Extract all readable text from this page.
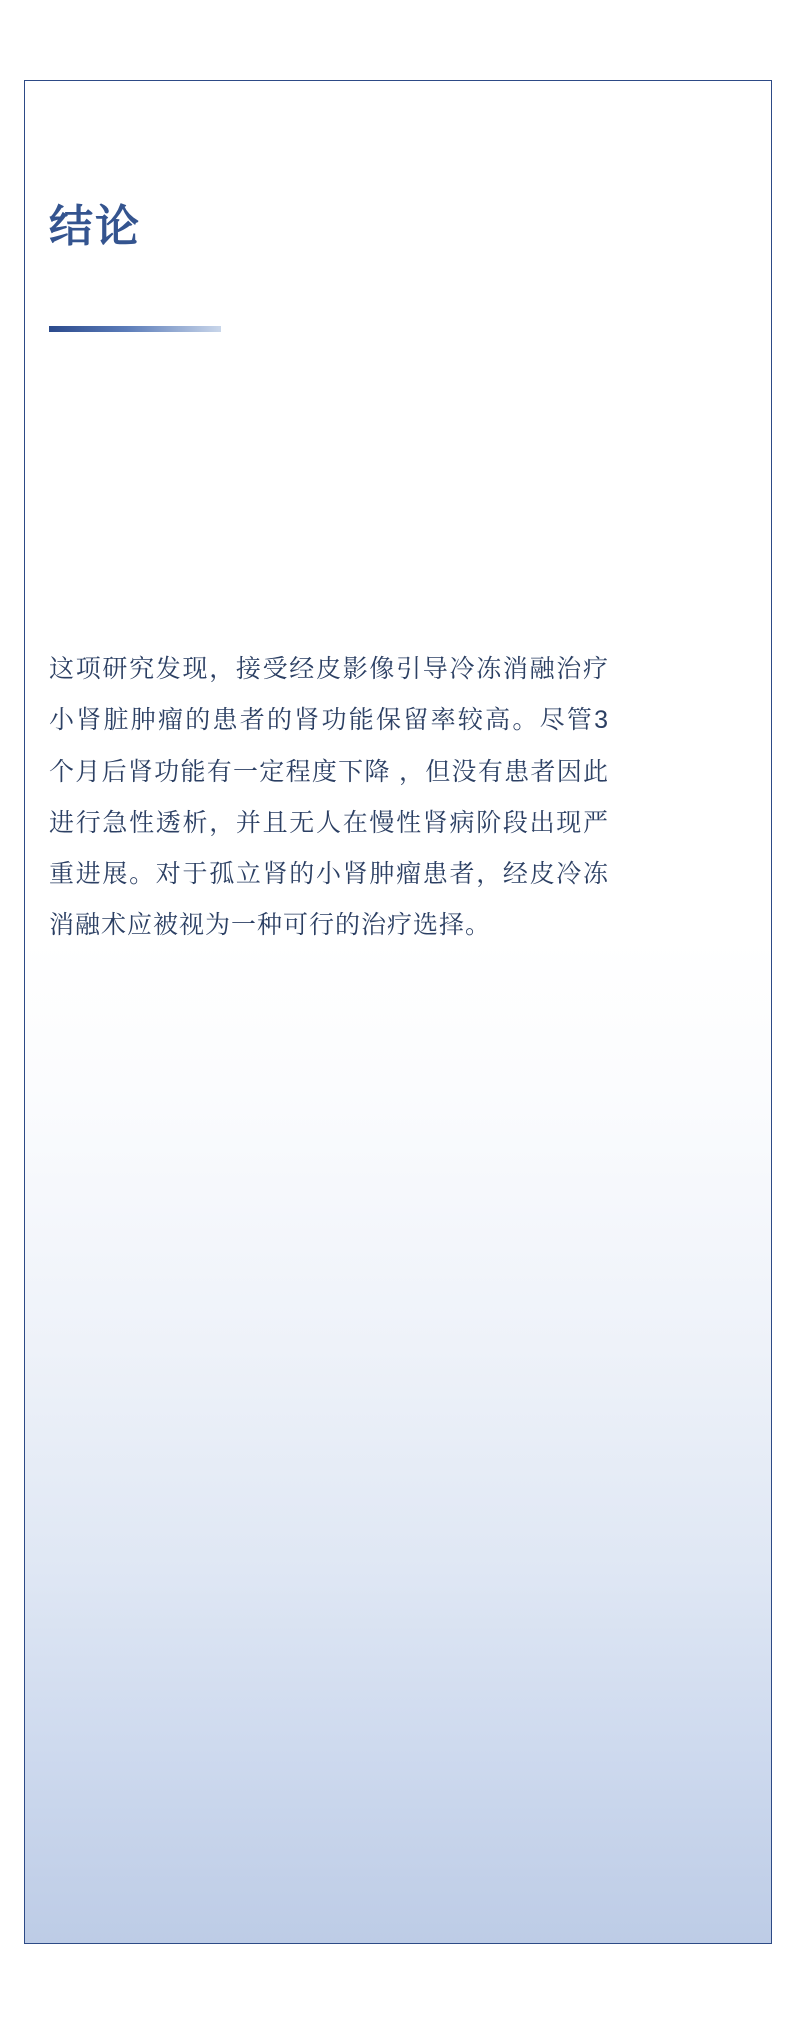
结论
这项研究发现，接受经皮影像引导冷冻消融治疗小肾脏肿瘤的患者的肾功能保留率较高。尽管3个月后肾功能有一定程度下降 ，但没有患者因此进行急性透析，并且无人在慢性肾病阶段出现严重进展。对于孤立肾的小肾肿瘤患者，经皮冷冻消融术应被视为一种可行的治疗选择。
